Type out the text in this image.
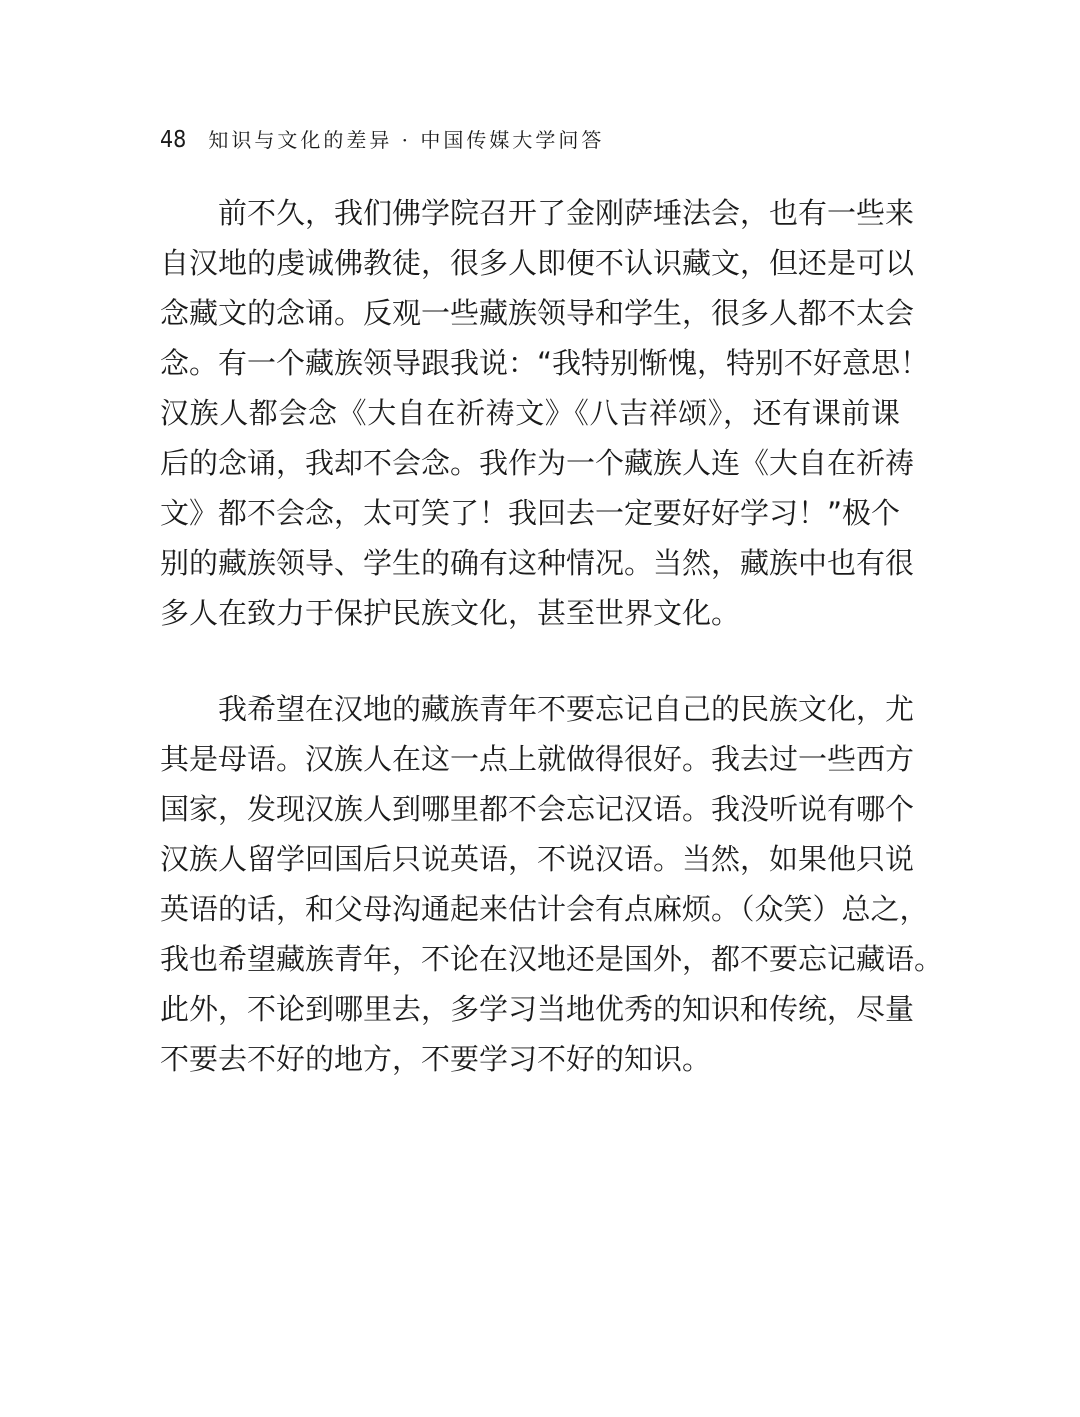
48 知识与文化的差异 · 中国传媒大学问答
前不久，我们佛学院召开了金刚萨埵法会，也有一些来
自汉地的虔诚佛教徒，很多人即便不认识藏文，但还是可以
念藏文的念诵。反观一些藏族领导和学生，很多人都不太会
念。有一个藏族领导跟我说：“我特别惭愧，特别不好意思！
汉族人都会念《大自在祈祷文》《八吉祥颂》，还有课前课
后的念诵，我却不会念。我作为一个藏族人连《大自在祈祷
文》都不会念，太可笑了！我回去一定要好好学习！”极个
别的藏族领导、学生的确有这种情况。当然，藏族中也有很
多人在致力于保护民族文化，甚至世界文化。
我希望在汉地的藏族青年不要忘记自己的民族文化，尤
其是母语。汉族人在这一点上就做得很好。我去过一些西方
国家，发现汉族人到哪里都不会忘记汉语。我没听说有哪个
汉族人留学回国后只说英语，不说汉语。当然，如果他只说
英语的话，和父母沟通起来估计会有点麻烦。（众笑）总之，
我也希望藏族青年，不论在汉地还是国外，都不要忘记藏语。
此外，不论到哪里去，多学习当地优秀的知识和传统，尽量
不要去不好的地方，不要学习不好的知识。
